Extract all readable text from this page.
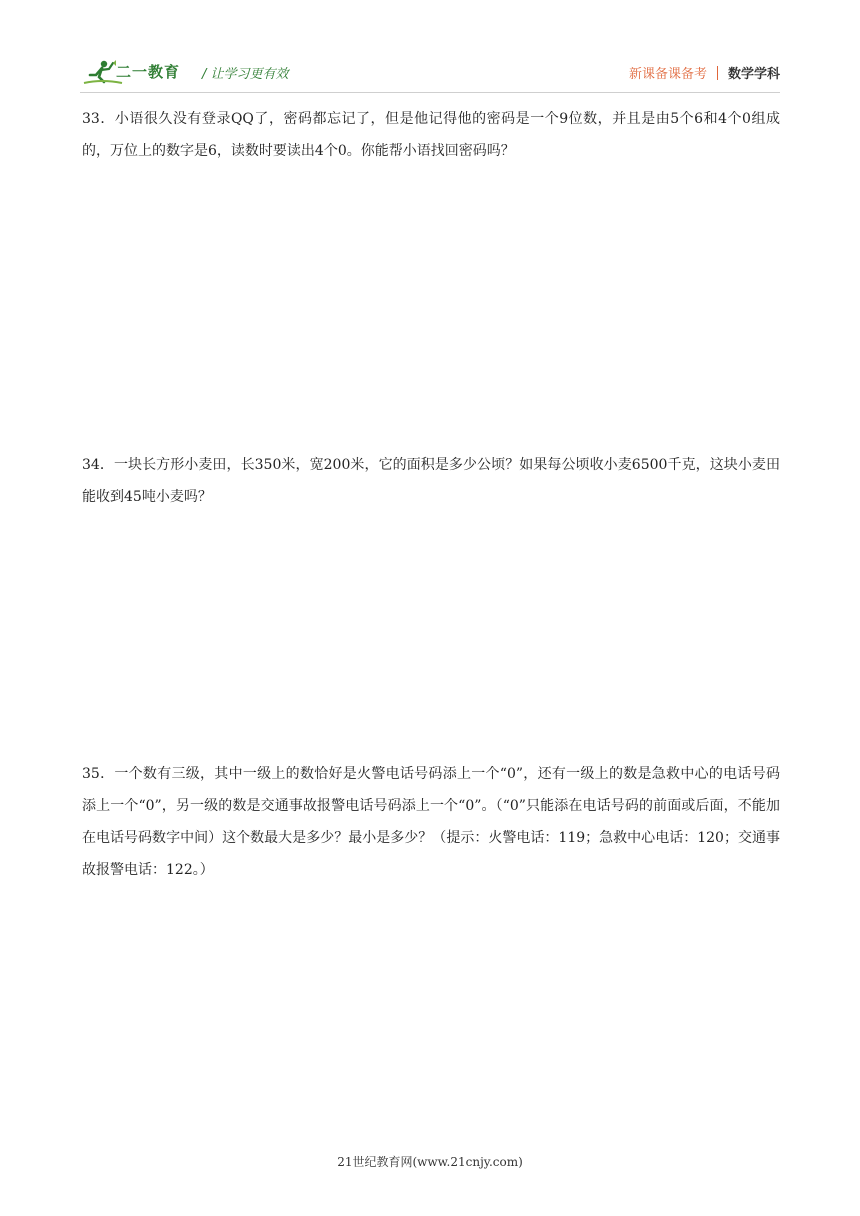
二一教育 / 让学习更有效	新课备课备考 数学学科
33．小语很久没有登录QQ了，密码都忘记了，但是他记得他的密码是一个9位数，并且是由5个6和4个0组成的，万位上的数字是6，读数时要读出4个0。你能帮小语找回密码吗？
34．一块长方形小麦田，长350米，宽200米，它的面积是多少公顷？如果每公顷收小麦6500千克，这块小麦田能收到45吨小麦吗？
35．一个数有三级，其中一级上的数恰好是火警电话号码添上一个“0”，还有一级上的数是急救中心的电话号码添上一个“0”，另一级的数是交通事故报警电话号码添上一个“0”。（“0”只能添在电话号码的前面或后面，不能加在电话号码数字中间）这个数最大是多少？最小是多少？（提示：火警电话：119；急救中心电话：120；交通事故报警电话：122。）
21世纪教育网(www.21cnjy.com)
